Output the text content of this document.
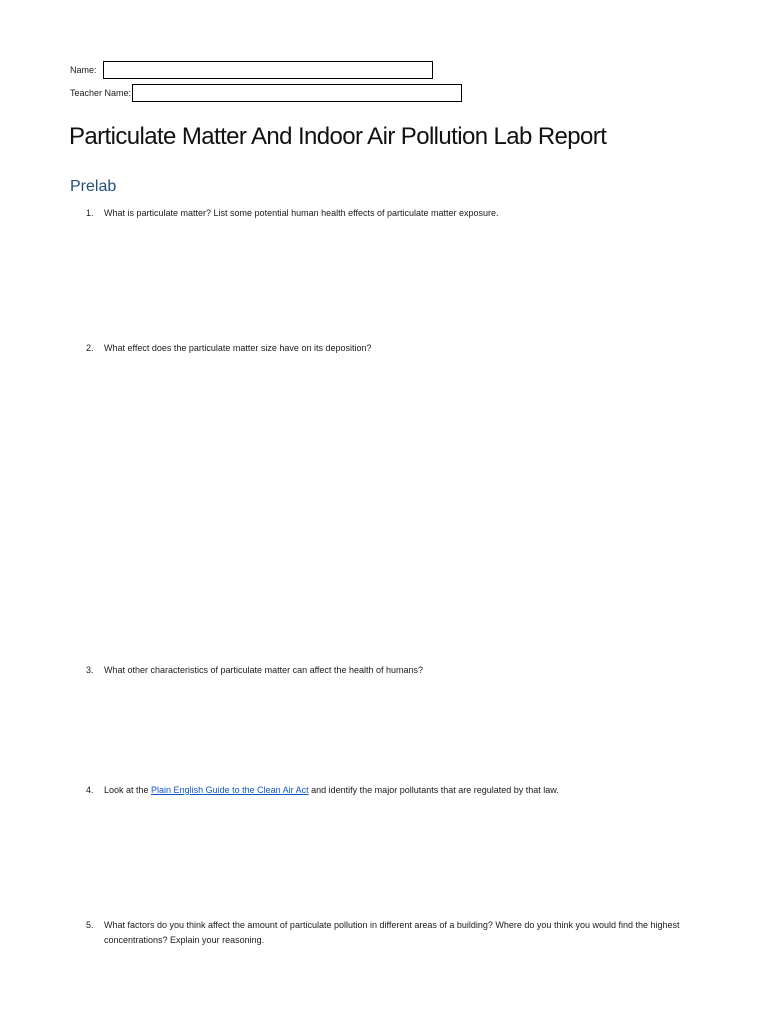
Name:
Teacher Name:
Particulate Matter And Indoor Air Pollution Lab Report
Prelab
1.	What is particulate matter? List some potential human health effects of particulate matter exposure.
2.	What effect does the particulate matter size have on its deposition?
3.	What other characteristics of particulate matter can affect the health of humans?
4.	Look at the Plain English Guide to the Clean Air Act and identify the major pollutants that are regulated by that law.
5.	What factors do you think affect the amount of particulate pollution in different areas of a building? Where do you think you would find the highest concentrations? Explain your reasoning.
